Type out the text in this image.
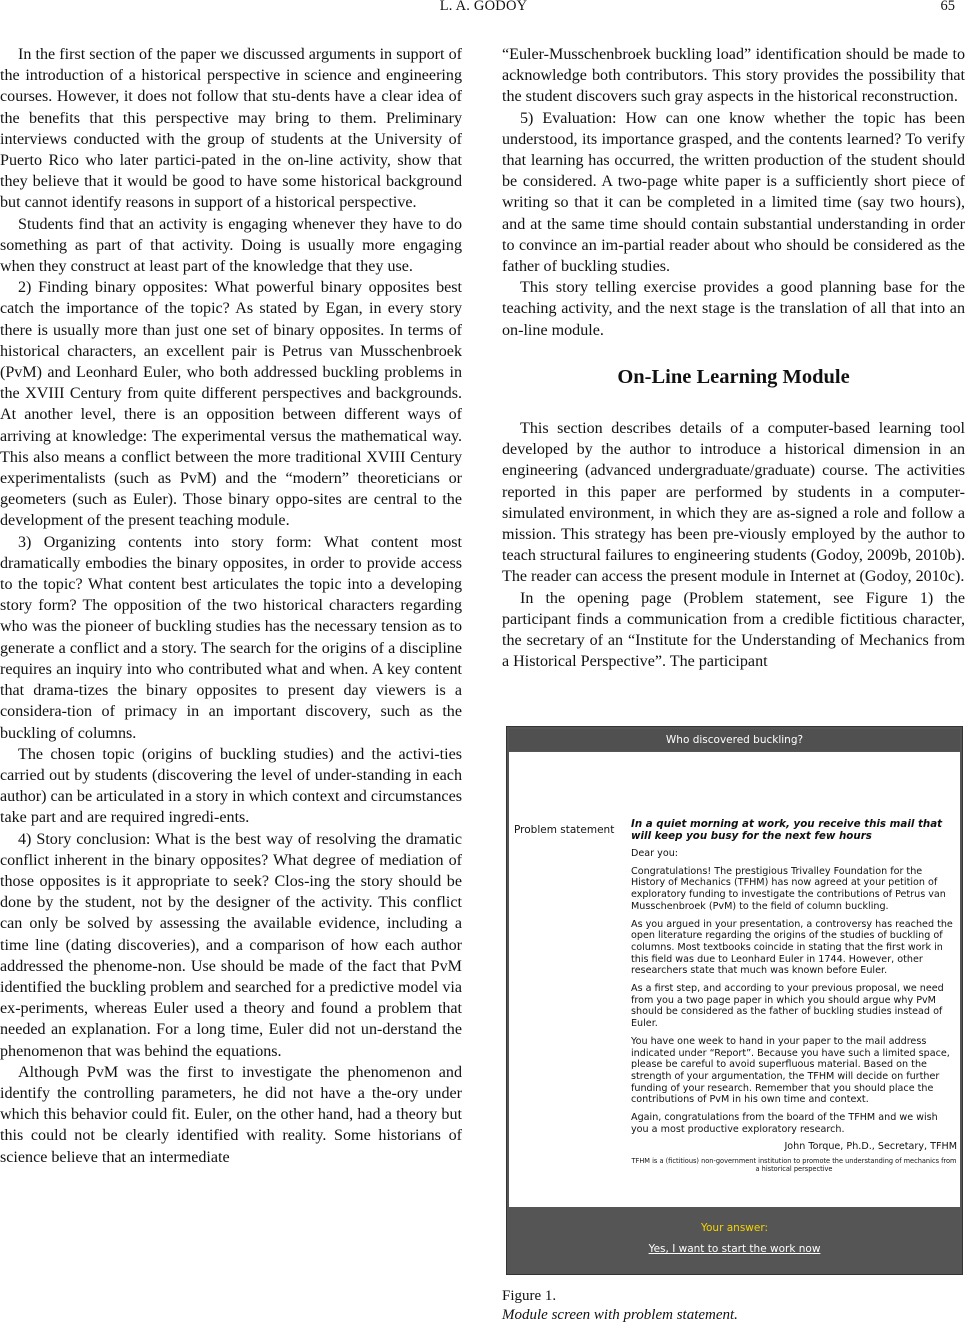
L. A. GODOY	65

In the first section of the paper we discussed arguments in support of the introduction of a historical perspective in science and engineering courses. However, it does not follow that stu-dents have a clear idea of the benefits that this perspective may bring to them. Preliminary interviews conducted with the group of students at the University of Puerto Rico who later partici-pated in the on-line activity, show that they believe that it would be good to have some historical background but cannot identify reasons in support of a historical perspective.

Students find that an activity is engaging whenever they have to do something as part of that activity. Doing is usually more engaging when they construct at least part of the knowledge that they use.

2) Finding binary opposites: What powerful binary opposites best catch the importance of the topic? As stated by Egan, in every story there is usually more than just one set of binary opposites. In terms of historical characters, an excellent pair is Petrus van Musschenbroek (PvM) and Leonhard Euler, who both addressed buckling problems in the XVIII Century from quite different perspectives and backgrounds. At another level, there is an opposition between different ways of arriving at knowledge: The experimental versus the mathematical way. This also means a conflict between the more traditional XVIII Century experimentalists (such as PvM) and the “modern” theoreticians or geometers (such as Euler). Those binary oppo-sites are central to the development of the present teaching module.

3) Organizing contents into story form: What content most dramatically embodies the binary opposites, in order to provide access to the topic? What content best articulates the topic into a developing story form? The opposition of the two historical characters regarding who was the pioneer of buckling studies has the necessary tension as to generate a conflict and a story. The search for the origins of a discipline requires an inquiry into who contributed what and when. A key content that drama-tizes the binary opposites to present day viewers is a considera-tion of primacy in an important discovery, such as the buckling of columns.

The chosen topic (origins of buckling studies) and the activi-ties carried out by students (discovering the level of under-standing in each author) can be articulated in a story in which context and circumstances take part and are required ingredi-ents.

4) Story conclusion: What is the best way of resolving the dramatic conflict inherent in the binary opposites? What degree of mediation of those opposites is it appropriate to seek? Clos-ing the story should be done by the student, not by the designer of the activity. This conflict can only be solved by assessing the available evidence, including a time line (dating discoveries), and a comparison of how each author addressed the phenome-non. Use should be made of the fact that PvM identified the buckling problem and searched for a predictive model via ex-periments, whereas Euler used a theory and found a problem that needed an explanation. For a long time, Euler did not un-derstand the phenomenon that was behind the equations.

Although PvM was the first to investigate the phenomenon and identify the controlling parameters, he did not have a the-ory under which this behavior could fit. Euler, on the other hand, had a theory but this could not be clearly identified with reality. Some historians of science believe that an intermediate

“Euler-Musschenbroek buckling load” identification should be made to acknowledge both contributors. This story provides the possibility that the student discovers such gray aspects in the historical reconstruction.

5) Evaluation: How can one know whether the topic has been understood, its importance grasped, and the contents learned? To verify that learning has occurred, the written production of the student should be considered. A two-page white paper is a sufficiently short piece of writing so that it can be completed in a limited time (say two hours), and at the same time should contain substantial understanding in order to convince an im-partial reader about who should be considered as the father of buckling studies.

This story telling exercise provides a good planning base for the teaching activity, and the next stage is the translation of all that into an on-line module.

On-Line Learning Module

This section describes details of a computer-based learning tool developed by the author to introduce a historical dimension in an engineering (advanced undergraduate/graduate) course. The activities reported in this paper are performed by students in a computer-simulated environment, in which they are as-signed a role and follow a mission. This strategy has been pre-viously employed by the author to teach structural failures to engineering students (Godoy, 2009b, 2010b). The reader can access the present module in Internet at (Godoy, 2010c).

In the opening page (Problem statement, see Figure 1) the participant finds a communication from a credible fictitious character, the secretary of an “Institute for the Understanding of Mechanics from a Historical Perspective”. The participant

Who discovered buckling?
Problem statement In a quiet morning at work, you receive this mail that will keep you busy for the next few hours

Dear you:

Congratulations! The prestigious Trivalley Foundation for the History of Mechanics (TFHM) has now agreed at your petition of exploratory funding to investigate the contributions of Petrus van Musschenbroek (PvM) to the field of column buckling.

As you argued in your presentation, a controversy has reached the open literature regarding the origins of the studies of buckling of columns. Most textbooks coincide in stating that the first work in this field was due to Leonhard Euler in 1744. However, other researchers state that much was known before Euler.

As a first step, and according to your previous proposal, we need from you a two page paper in which you should argue why PvM should be considered as the father of buckling studies instead of Euler.

You have one week to hand in your paper to the mail address indicated under “Report”. Because you have such a limited space, please be careful to avoid superfluous material. Based on the strength of your argumentation, the TFHM will decide on further funding of your research. Remember that you should place the contributions of PvM in his own time and context.

Again, congratulations from the board of the TFHM and we wish you a most productive exploratory research.

John Torque, Ph.D., Secretary, TFHM

TFHM is a (fictitious) non-government institution to promote the understanding of mechanics from a historical perspective

Your answer:
Yes, I want to start the work now
Figure 1.
Module screen with problem statement.
